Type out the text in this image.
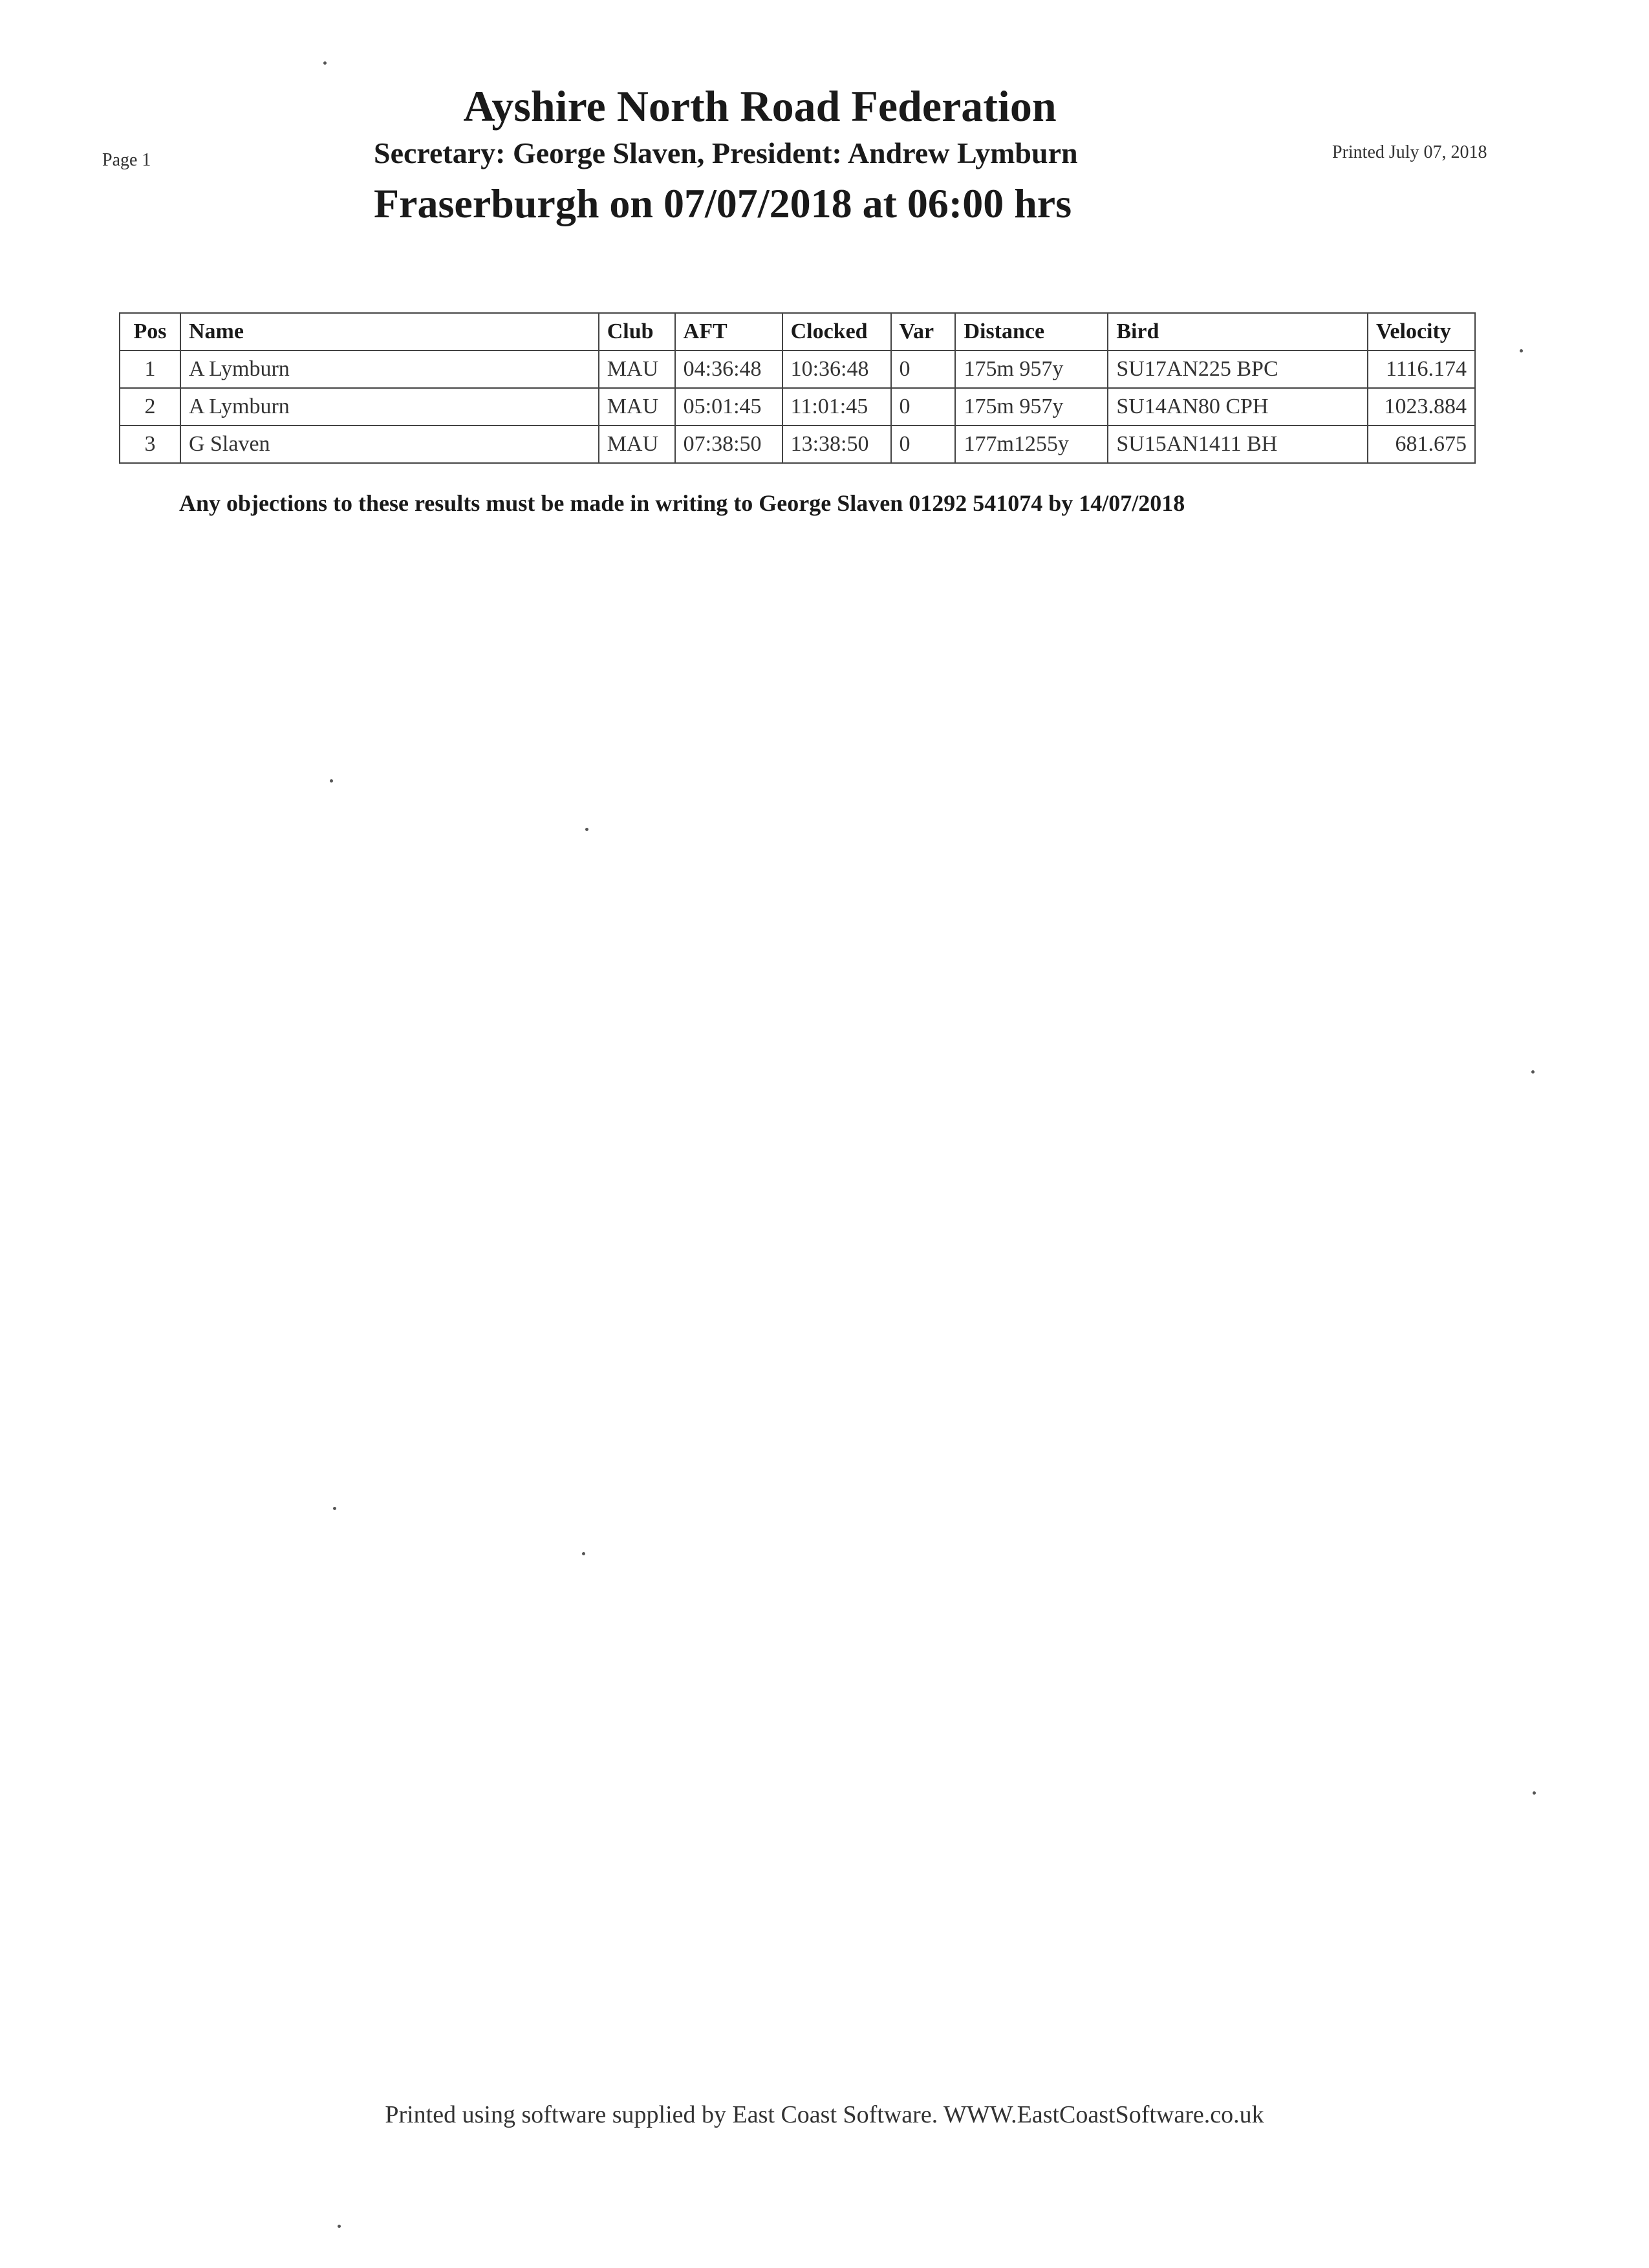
Page 1	Printed July 07, 2018
Ayshire North Road Federation
Secretary: George Slaven, President: Andrew Lymburn
Fraserburgh on 07/07/2018 at 06:00 hrs
Pos	Name	Club	AFT	Clocked	Var	Distance	Bird	Velocity
1	A Lymburn	MAU	04:36:48	10:36:48	0	175m 957y	SU17AN225 BPC	1116.174
2	A Lymburn	MAU	05:01:45	11:01:45	0	175m 957y	SU14AN80 CPH	1023.884
3	G Slaven	MAU	07:38:50	13:38:50	0	177m1255y	SU15AN1411 BH	681.675
Any objections to these results must be made in writing to George Slaven 01292 541074 by 14/07/2018
Printed using software supplied by East Coast Software. WWW.EastCoastSoftware.co.uk
